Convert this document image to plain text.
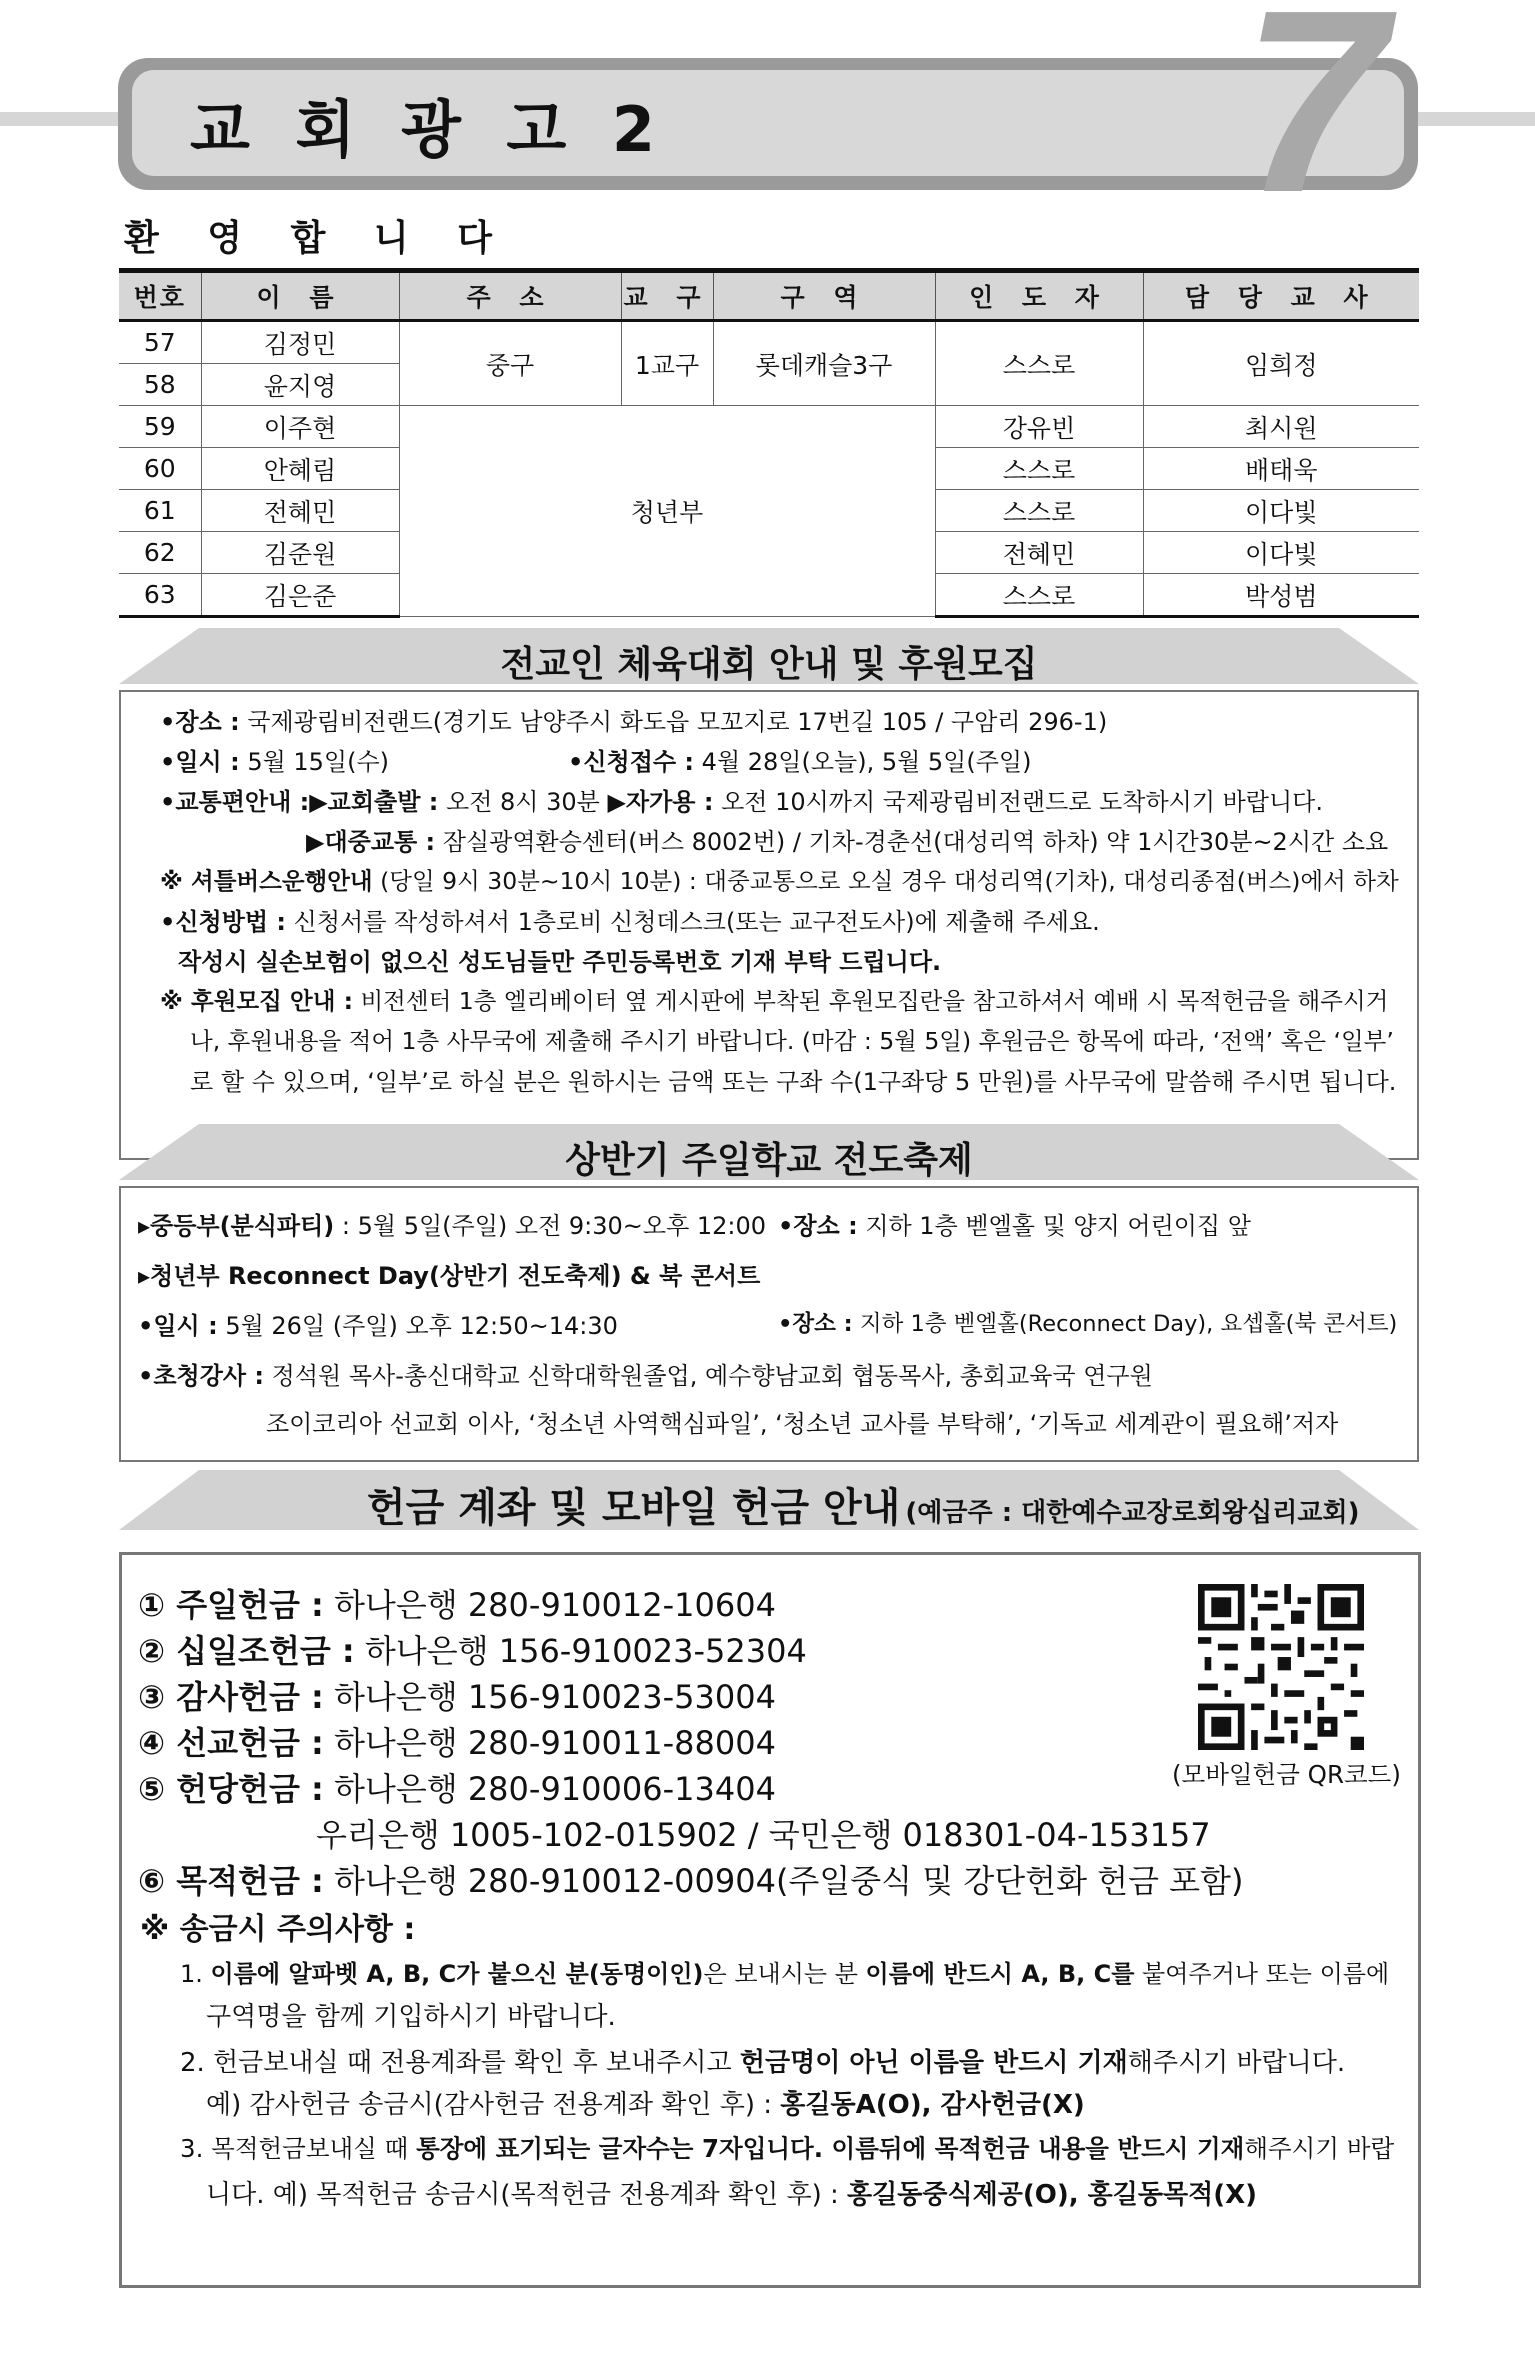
교 회 광 고 2 7
환 영 합 니 다
번호	이 름	주 소	교 구	구 역	인 도 자	담 당 교 사
57	김정민	중구	1교구	롯데캐슬3구	스스로	임희정
58	윤지영					
59	이주현	청년부			강유빈	최시원
60	안혜림				스스로	배태욱
61	전혜민				스스로	이다빛
62	김준원				전혜민	이다빛
63	김은준				스스로	박성범
전교인 체육대회 안내 및 후원모집
•장소 : 국제광림비전랜드(경기도 남양주시 화도읍 모꼬지로 17번길 105 / 구암리 296-1)
•일시 : 5월 15일(수)	•신청접수 : 4월 28일(오늘), 5월 5일(주일)
•교통편안내 :▶교회출발 : 오전 8시 30분 ▶자가용 : 오전 10시까지 국제광림비전랜드로 도착하시기 바랍니다.
▶대중교통 : 잠실광역환승센터(버스 8002번) / 기차-경춘선(대성리역 하차) 약 1시간30분~2시간 소요
※ 셔틀버스운행안내 (당일 9시 30분~10시 10분) : 대중교통으로 오실 경우 대성리역(기차), 대성리종점(버스)에서 하차
•신청방법 : 신청서를 작성하셔서 1층로비 신청데스크(또는 교구전도사)에 제출해 주세요.
작성시 실손보험이 없으신 성도님들만 주민등록번호 기재 부탁 드립니다.
※ 후원모집 안내 : 비전센터 1층 엘리베이터 옆 게시판에 부착된 후원모집란을 참고하셔서 예배 시 목적헌금을 해주시거
나, 후원내용을 적어 1층 사무국에 제출해 주시기 바랍니다. (마감 : 5월 5일) 후원금은 항목에 따라, ‘전액’ 혹은 ‘일부’
로 할 수 있으며, ‘일부’로 하실 분은 원하시는 금액 또는 구좌 수(1구좌당 5 만원)를 사무국에 말씀해 주시면 됩니다.
상반기 주일학교 전도축제
▸중등부(분식파티) : 5월 5일(주일) 오전 9:30~오후 12:00 •장소 : 지하 1층 벧엘홀 및 양지 어린이집 앞
▸청년부 Reconnect Day(상반기 전도축제) & 북 콘서트
•일시 : 5월 26일 (주일) 오후 12:50~14:30	•장소 : 지하 1층 벧엘홀(Reconnect Day), 요셉홀(북 콘서트)
•초청강사 : 정석원 목사-총신대학교 신학대학원졸업, 예수향남교회 협동목사, 총회교육국 연구원
조이코리아 선교회 이사, ‘청소년 사역핵심파일’, ‘청소년 교사를 부탁해’, ‘기독교 세계관이 필요해’저자
헌금 계좌 및 모바일 헌금 안내 (예금주 : 대한예수교장로회왕십리교회)
① 주일헌금 : 하나은행 280-910012-10604
② 십일조헌금 : 하나은행 156-910023-52304
③ 감사헌금 : 하나은행 156-910023-53004
④ 선교헌금 : 하나은행 280-910011-88004
⑤ 헌당헌금 : 하나은행 280-910006-13404
우리은행 1005-102-015902 / 국민은행 018301-04-153157
⑥ 목적헌금 : 하나은행 280-910012-00904(주일중식 및 강단헌화 헌금 포함)
(모바일헌금 QR코드)
※ 송금시 주의사항 :
1. 이름에 알파벳 A, B, C가 붙으신 분(동명이인)은 보내시는 분 이름에 반드시 A, B, C를 붙여주거나 또는 이름에
구역명을 함께 기입하시기 바랍니다.
2. 헌금보내실 때 전용계좌를 확인 후 보내주시고 헌금명이 아닌 이름을 반드시 기재해주시기 바랍니다.
예) 감사헌금 송금시(감사헌금 전용계좌 확인 후) : 홍길동A(O), 감사헌금(X)
3. 목적헌금보내실 때 통장에 표기되는 글자수는 7자입니다. 이름뒤에 목적헌금 내용을 반드시 기재해주시기 바랍
니다. 예) 목적헌금 송금시(목적헌금 전용계좌 확인 후) : 홍길동중식제공(O), 홍길동목적(X)
